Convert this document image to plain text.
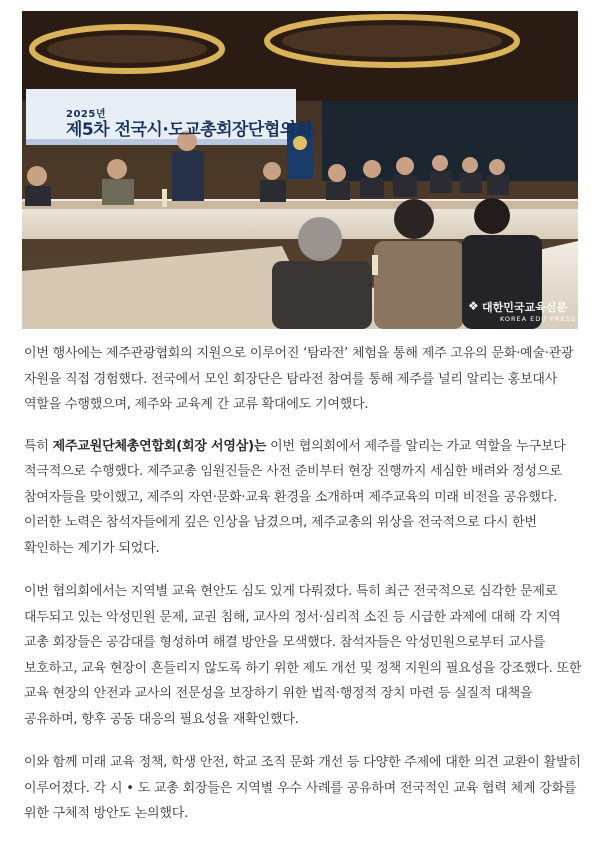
2025년
제5차 전국시·도교총회장단협의회
❖ 대한민국교육신문
KOREA EDU PRESS

이번 행사에는 제주관광협회의 지원으로 이루어진 ‘탐라전’ 체험을 통해 제주 고유의 문화·예술·관광 자원을 직접 경험했다. 전국에서 모인 회장단은 탐라전 참여를 통해 제주를 널리 알리는 홍보대사 역할을 수행했으며, 제주와 교육계 간 교류 확대에도 기여했다.

특히 제주교원단체총연합회(회장 서영삼)는 이번 협의회에서 제주를 알리는 가교 역할을 누구보다 적극적으로 수행했다. 제주교총 임원진들은 사전 준비부터 현장 진행까지 세심한 배려와 정성으로 참여자들을 맞이했고, 제주의 자연·문화·교육 환경을 소개하며 제주교육의 미래 비전을 공유했다. 이러한 노력은 참석자들에게 깊은 인상을 남겼으며, 제주교총의 위상을 전국적으로 다시 한번 확인하는 계기가 되었다.

이번 협의회에서는 지역별 교육 현안도 심도 있게 다뤄졌다. 특히 최근 전국적으로 심각한 문제로 대두되고 있는 악성민원 문제, 교권 침해, 교사의 정서·심리적 소진 등 시급한 과제에 대해 각 지역 교총 회장들은 공감대를 형성하며 해결 방안을 모색했다. 참석자들은 악성민원으로부터 교사를 보호하고, 교육 현장이 흔들리지 않도록 하기 위한 제도 개선 및 정책 지원의 필요성을 강조했다. 또한 교육 현장의 안전과 교사의 전문성을 보장하기 위한 법적·행정적 장치 마련 등 실질적 대책을 공유하며, 향후 공동 대응의 필요성을 재확인했다.

이와 함께 미래 교육 정책, 학생 안전, 학교 조직 문화 개선 등 다양한 주제에 대한 의견 교환이 활발히 이루어졌다. 각 시 • 도 교총 회장들은 지역별 우수 사례를 공유하며 전국적인 교육 협력 체계 강화를 위한 구체적 방안도 논의했다.
